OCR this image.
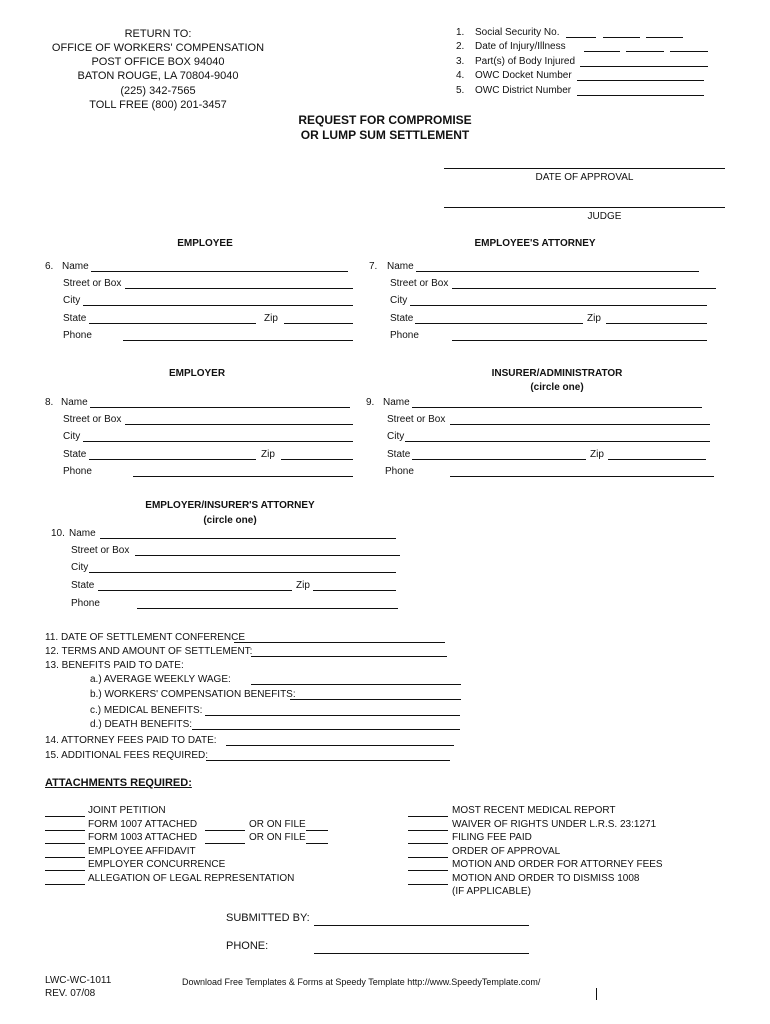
RETURN TO:
OFFICE OF WORKERS' COMPENSATION
POST OFFICE BOX 94040
BATON ROUGE, LA 70804-9040
(225) 342-7565
TOLL FREE (800) 201-3457
1. Social Security No.
2. Date of Injury/Illness
3. Part(s) of Body Injured
4. OWC Docket Number
5. OWC District Number
REQUEST FOR COMPROMISE
OR LUMP SUM SETTLEMENT
DATE OF APPROVAL
JUDGE
EMPLOYEE	EMPLOYEE'S ATTORNEY
6. Name
Street or Box
City
State	Zip
Phone
7. Name
Street or Box
City
State	Zip
Phone
EMPLOYER	INSURER/ADMINISTRATOR
(circle one)
8. Name
Street or Box
City
State	Zip
Phone
9. Name
Street or Box
City
State	Zip
Phone
EMPLOYER/INSURER'S ATTORNEY
(circle one)
10. Name
Street or Box
City
State	Zip
Phone
11. DATE OF SETTLEMENT CONFERENCE
12. TERMS AND AMOUNT OF SETTLEMENT:
13. BENEFITS PAID TO DATE:
a.) AVERAGE WEEKLY WAGE:
b.) WORKERS' COMPENSATION BENEFITS:
c.) MEDICAL BENEFITS:
d.) DEATH BENEFITS:
14. ATTORNEY FEES PAID TO DATE:
15. ADDITIONAL FEES REQUIRED:
ATTACHMENTS REQUIRED:
JOINT PETITION
FORM 1007 ATTACHED	OR ON FILE
FORM 1003 ATTACHED	OR ON FILE
EMPLOYEE AFFIDAVIT
EMPLOYER CONCURRENCE
ALLEGATION OF LEGAL REPRESENTATION
MOST RECENT MEDICAL REPORT
WAIVER OF RIGHTS UNDER L.R.S. 23:1271
FILING FEE PAID
ORDER OF APPROVAL
MOTION AND ORDER FOR ATTORNEY FEES
MOTION AND ORDER TO DISMISS 1008
(IF APPLICABLE)
SUBMITTED BY:
PHONE:
LWC-WC-1011
REV. 07/08
Download Free Templates & Forms at Speedy Template http://www.SpeedyTemplate.com/
